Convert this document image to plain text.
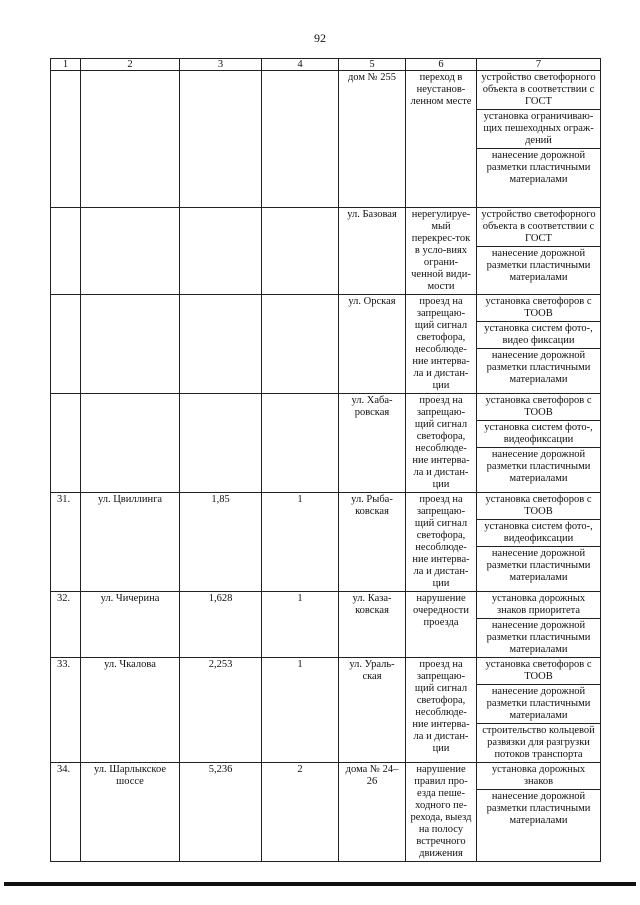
92
1	2	3	4	5	6	7
				дом № 255	переход в неустанов-ленном месте	устройство светофорного объекта в соответствии с ГОСТ
установка ограничиваю-щих пешеходных ограж-дений
нанесение дорожной разметки пластичными материалами

				ул. Базовая	нерегулируе-мый перекрес-ток в усло-виях ограни-ченной види-мости	устройство светофорного объекта в соответствии с ГОСТ
нанесение дорожной разметки пластичными материалами

				ул. Орская	проезд на запрещаю-щий сигнал светофора, несоблюде-ние интерва-ла и дистан-ции	установка светофоров с ТООВ
установка систем фото-, видео фиксации
нанесение дорожной разметки пластичными материалами

				ул. Хаба-ровская	проезд на запрещаю-щий сигнал светофора, несоблюде-ние интерва-ла и дистан-ции	установка светофоров с ТООВ
установка систем фото-, видеофиксации
нанесение дорожной разметки пластичными материалами

31.	ул. Цвиллинга	1,85	1	ул. Рыба-ковская	проезд на запрещаю-щий сигнал светофора, несоблюде-ние интерва-ла и дистан-ции	установка светофоров с ТООВ
установка систем фото-, видеофиксации
нанесение дорожной разметки пластичными материалами

32.	ул. Чичерина	1,628	1	ул. Каза-ковская	нарушение очередности проезда	установка дорожных знаков приоритета
нанесение дорожной разметки пластичными материалами

33.	ул. Чкалова	2,253	1	ул. Ураль-ская	проезд на запрещаю-щий сигнал светофора, несоблюде-ние интерва-ла и дистан-ции	установка светофоров с ТООВ
нанесение дорожной разметки пластичными материалами
строительство кольцевой развязки для разгрузки потоков транспорта

34.	ул. Шарлыкское шоссе	5,236	2	дома № 24–26	нарушение правил про-езда пеше-ходного пе-рехода, выезд на полосу встречного движения	установка дорожных знаков
нанесение дорожной разметки пластичными материалами
